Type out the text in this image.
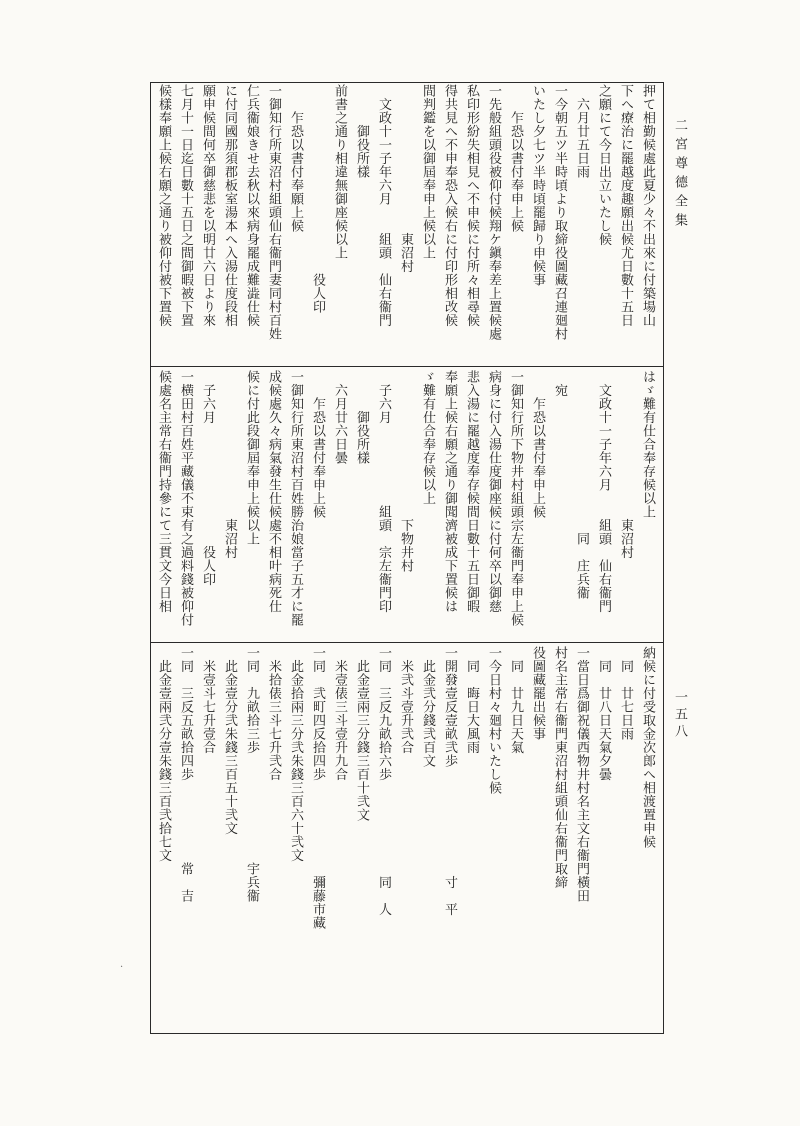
二宮尊德全集
一五八
押て相勤候處此夏少々不出來に付築場山
下へ療治に罷越度趣願出候尤日數十五日
之願にて今日出立いたし候
　六月廿五日雨
一今朝五ツ半時頃より取締役圖藏召連廻村
いたし夕七ツ半時頃罷歸り申候事
　　乍恐以書付奉申上候
一先般組頭役被仰付候翔ケ鎭奉差上置候處
私印形紛失相見へ不申候に付所々相尋候
得共見へ不申奉恐入候右に付印形相改候
間判鑑を以御屆奉申上候以上
　　　　　　　　　　　東沼村
　文政十一子年六月　　組頭　仙右衞門
　　　御役所樣
前書之通り相違無御座候以上
　　　　　　　　　　　　　　役人印
　　乍恐以書付奉願上候
一御知行所東沼村組頭仙右衞門妻同村百姓
仁兵衞娘きせ去秋以來病身罷成難澁仕候
に付同國那須郡板室湯本へ入湯仕度段相
願申候間何卒御慈悲を以明廿六日より來
七月十一日迄日數十五日之間御暇被下置
候樣奉願上候右願之通り被仰付被下置候
はゞ難有仕合奉存候以上
　　　　　　　　　　　東沼村
　文政十一子年六月　　組頭　仙右衞門
　　　　　　　　　　　　同　庄兵衞
　宛
　　乍恐以書付奉申上候
一御知行所下物井村組頭宗左衞門奉申上候
病身に付入湯仕度御座候に付何卒以御慈
悲入湯に罷越度奉存候間日數十五日御暇
奉願上候右願之通り御聞濟被成下置候は
ゞ難有仕合奉存候以上
　　　　　　　　　　　下物井村
　子六月　　　　　　組頭　宗左衞門印
　　　御役所樣
　六月廿六日曇
　　乍恐以書付奉申上候
一御知行所東沼村百姓勝治娘當子五才に罷
成候處久々病氣發生仕候處不相叶病死仕
候に付此段御屆奉申上候以上
　　　　　　　　　　　東沼村
　子六月　　　　　　　　　役人印
一横田村百姓平藏儀不束有之過料錢被仰付
候處名主常右衞門持參にて三貫文今日相
納候に付受取金次郎へ相渡置申候
　同　廿七日雨
　同　廿八日天氣夕曇
一當日爲御祝儀西物井村名主文右衞門橫田
村名主常右衞門東沼村組頭仙右衞門取締
役圖藏罷出候事
　同　廿九日天氣
一今日村々廻村いたし候
　同　晦日大風雨
一開發壹反壹畝弐歩　　　　　　　　寸　平
　此金弐分錢弐百文
　米弐斗壹升弐合
一同　三反九畝拾六歩　　　　　　　同　人
　此金壹兩三分錢三百十弐文
　米壹俵三斗壹升九合
一同　弐町四反拾四歩　　　　　　　彌藤市藏
　此金拾兩三分弐朱錢三百六十弐文
　米拾俵三斗七升弐合
一同　九畝拾三歩　　　　　　　　宇兵衞
　此金壹分弐朱錢三百五十弐文
　米壹斗七升壹合
一同　三反五畝拾四歩　　　　　　常　吉
　此金壹兩弐分壹朱錢三百弐拾七文
·
